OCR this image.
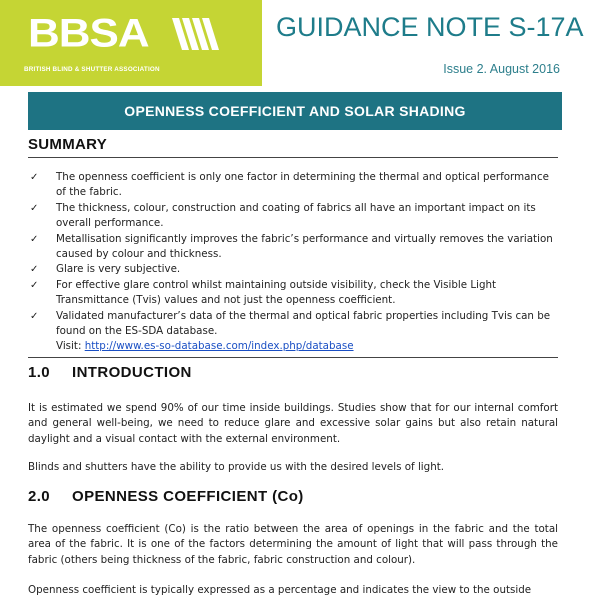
BBSA
BRITISH BLIND & SHUTTER ASSOCIATION
GUIDANCE NOTE S-17A
Issue 2. August 2016
OPENNESS COEFFICIENT AND SOLAR SHADING
SUMMARY
✓ The openness coefficient is only one factor in determining the thermal and optical performance of the fabric.
✓ The thickness, colour, construction and coating of fabrics all have an important impact on its overall performance.
✓ Metallisation significantly improves the fabric’s performance and virtually removes the variation caused by colour and thickness.
✓ Glare is very subjective.
✓ For effective glare control whilst maintaining outside visibility, check the Visible Light Transmittance (Tvis) values and not just the openness coefficient.
✓ Validated manufacturer’s data of the thermal and optical fabric properties including Tvis can be found on the ES-SDA database.
Visit: http://www.es-so-database.com/index.php/database
1.0 INTRODUCTION
It is estimated we spend 90% of our time inside buildings. Studies show that for our internal comfort and general well-being, we need to reduce glare and excessive solar gains but also retain natural daylight and a visual contact with the external environment.
Blinds and shutters have the ability to provide us with the desired levels of light.
2.0 OPENNESS COEFFICIENT (Co)
The openness coefficient (Co) is the ratio between the area of openings in the fabric and the total area of the fabric. It is one of the factors determining the amount of light that will pass through the fabric (others being thickness of the fabric, fabric construction and colour).
Openness coefficient is typically expressed as a percentage and indicates the view to the outside
